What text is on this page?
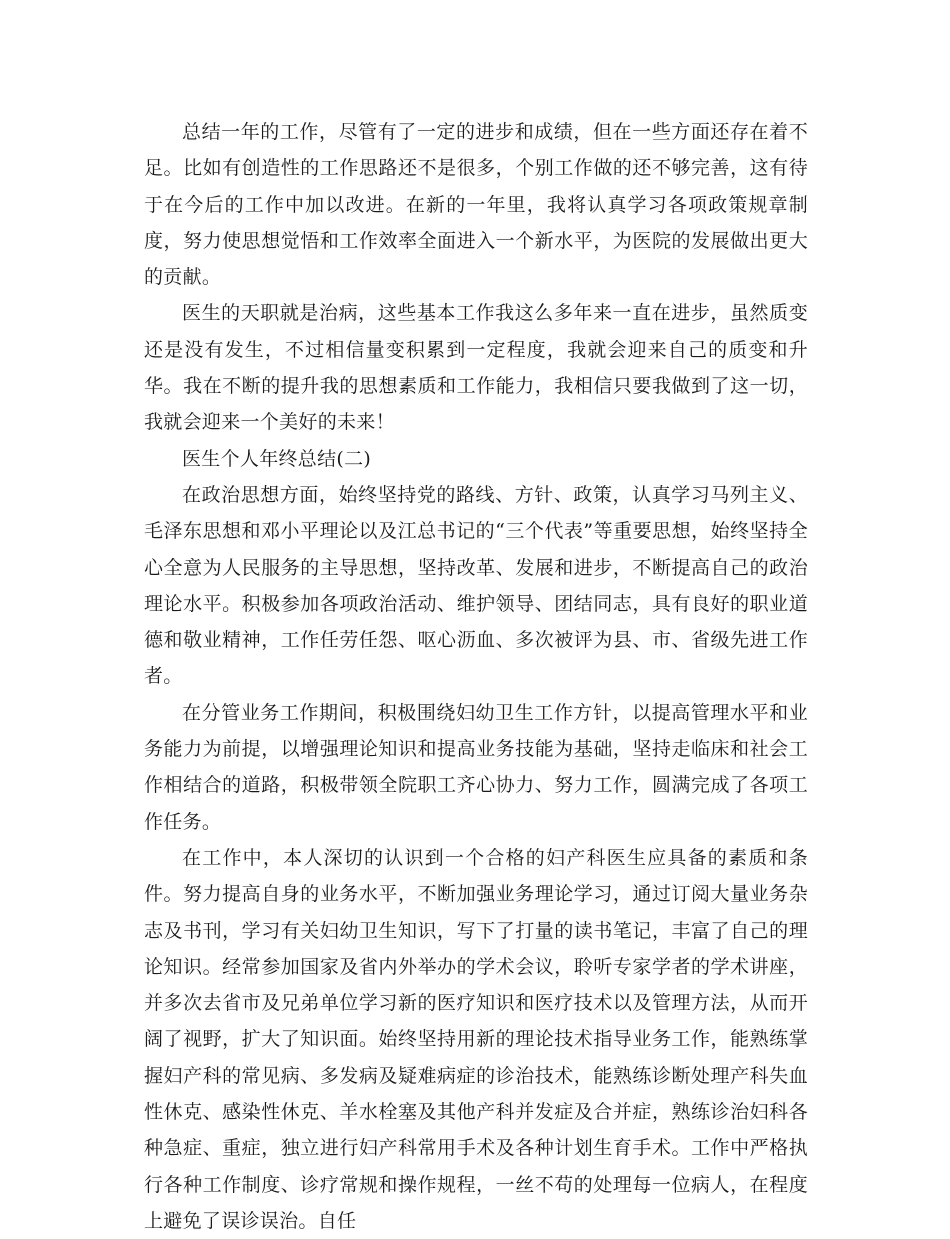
总结一年的工作，尽管有了一定的进步和成绩，但在一些方面还存在着不足。比如有创造性的工作思路还不是很多，个别工作做的还不够完善，这有待于在今后的工作中加以改进。在新的一年里，我将认真学习各项政策规章制度，努力使思想觉悟和工作效率全面进入一个新水平，为医院的发展做出更大的贡献。

医生的天职就是治病，这些基本工作我这么多年来一直在进步，虽然质变还是没有发生，不过相信量变积累到一定程度，我就会迎来自己的质变和升华。我在不断的提升我的思想素质和工作能力，我相信只要我做到了这一切，我就会迎来一个美好的未来！

医生个人年终总结(二)

在政治思想方面，始终坚持党的路线、方针、政策，认真学习马列主义、毛泽东思想和邓小平理论以及江总书记的“三个代表”等重要思想，始终坚持全心全意为人民服务的主导思想，坚持改革、发展和进步，不断提高自己的政治理论水平。积极参加各项政治活动、维护领导、团结同志，具有良好的职业道德和敬业精神，工作任劳任怨、呕心沥血、多次被评为县、市、省级先进工作者。

在分管业务工作期间，积极围绕妇幼卫生工作方针，以提高管理水平和业务能力为前提，以增强理论知识和提高业务技能为基础，坚持走临床和社会工作相结合的道路，积极带领全院职工齐心协力、努力工作，圆满完成了各项工作任务。

在工作中，本人深切的认识到一个合格的妇产科医生应具备的素质和条件。努力提高自身的业务水平，不断加强业务理论学习，通过订阅大量业务杂志及书刊，学习有关妇幼卫生知识，写下了打量的读书笔记，丰富了自己的理论知识。经常参加国家及省内外举办的学术会议，聆听专家学者的学术讲座，并多次去省市及兄弟单位学习新的医疗知识和医疗技术以及管理方法，从而开阔了视野，扩大了知识面。始终坚持用新的理论技术指导业务工作，能熟练掌握妇产科的常见病、多发病及疑难病症的诊治技术，能熟练诊断处理产科失血性休克、感染性休克、羊水栓塞及其他产科并发症及合并症，熟练诊治妇科各种急症、重症，独立进行妇产科常用手术及各种计划生育手术。工作中严格执行各种工作制度、诊疗常规和操作规程，一丝不苟的处理每一位病人，在程度上避免了误诊误治。自任
